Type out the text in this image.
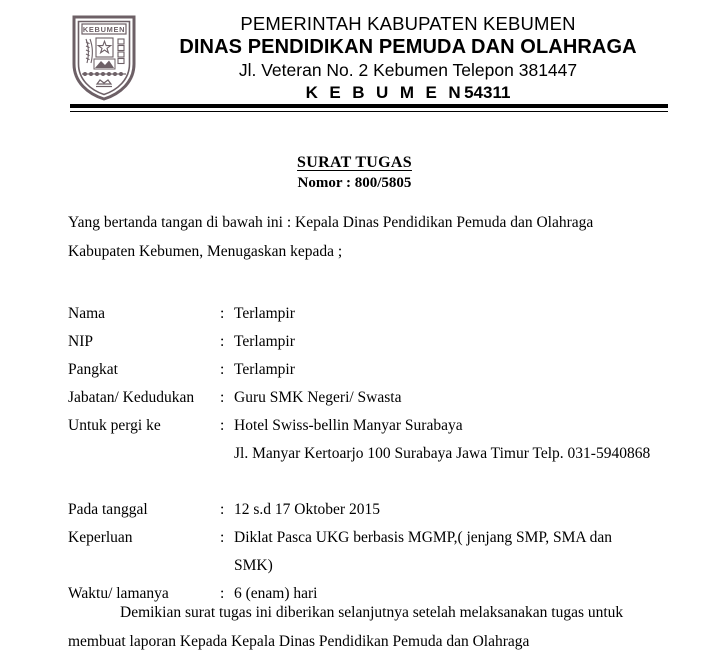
KEBUMEN	PEMERINTAH KABUPATEN KEBUMEN
DINAS PENDIDIKAN PEMUDA DAN OLAHRAGA
Jl. Veteran No. 2 Kebumen Telepon 381447
K E B U M E N54311
SURAT TUGAS
Nomor : 800/5805
Yang bertanda tangan di bawah ini : Kepala Dinas Pendidikan Pemuda dan Olahraga
Kabupaten Kebumen, Menugaskan kepada ;
Nama	: Terlampir
NIP	: Terlampir
Pangkat	: Terlampir
Jabatan/ Kedudukan	: Guru SMK Negeri/ Swasta
Untuk pergi ke	: Hotel Swiss-bellin Manyar Surabaya
Jl. Manyar Kertoarjo 100 Surabaya Jawa Timur Telp. 031-5940868
Pada tanggal	: 12 s.d 17 Oktober 2015
Keperluan	: Diklat Pasca UKG berbasis MGMP,( jenjang SMP, SMA dan
SMK)
Waktu/ lamanya	: 6 (enam) hari
Demikian surat tugas ini diberikan selanjutnya setelah melaksanakan tugas untuk
membuat laporan Kepada Kepala Dinas Pendidikan Pemuda dan Olahraga
